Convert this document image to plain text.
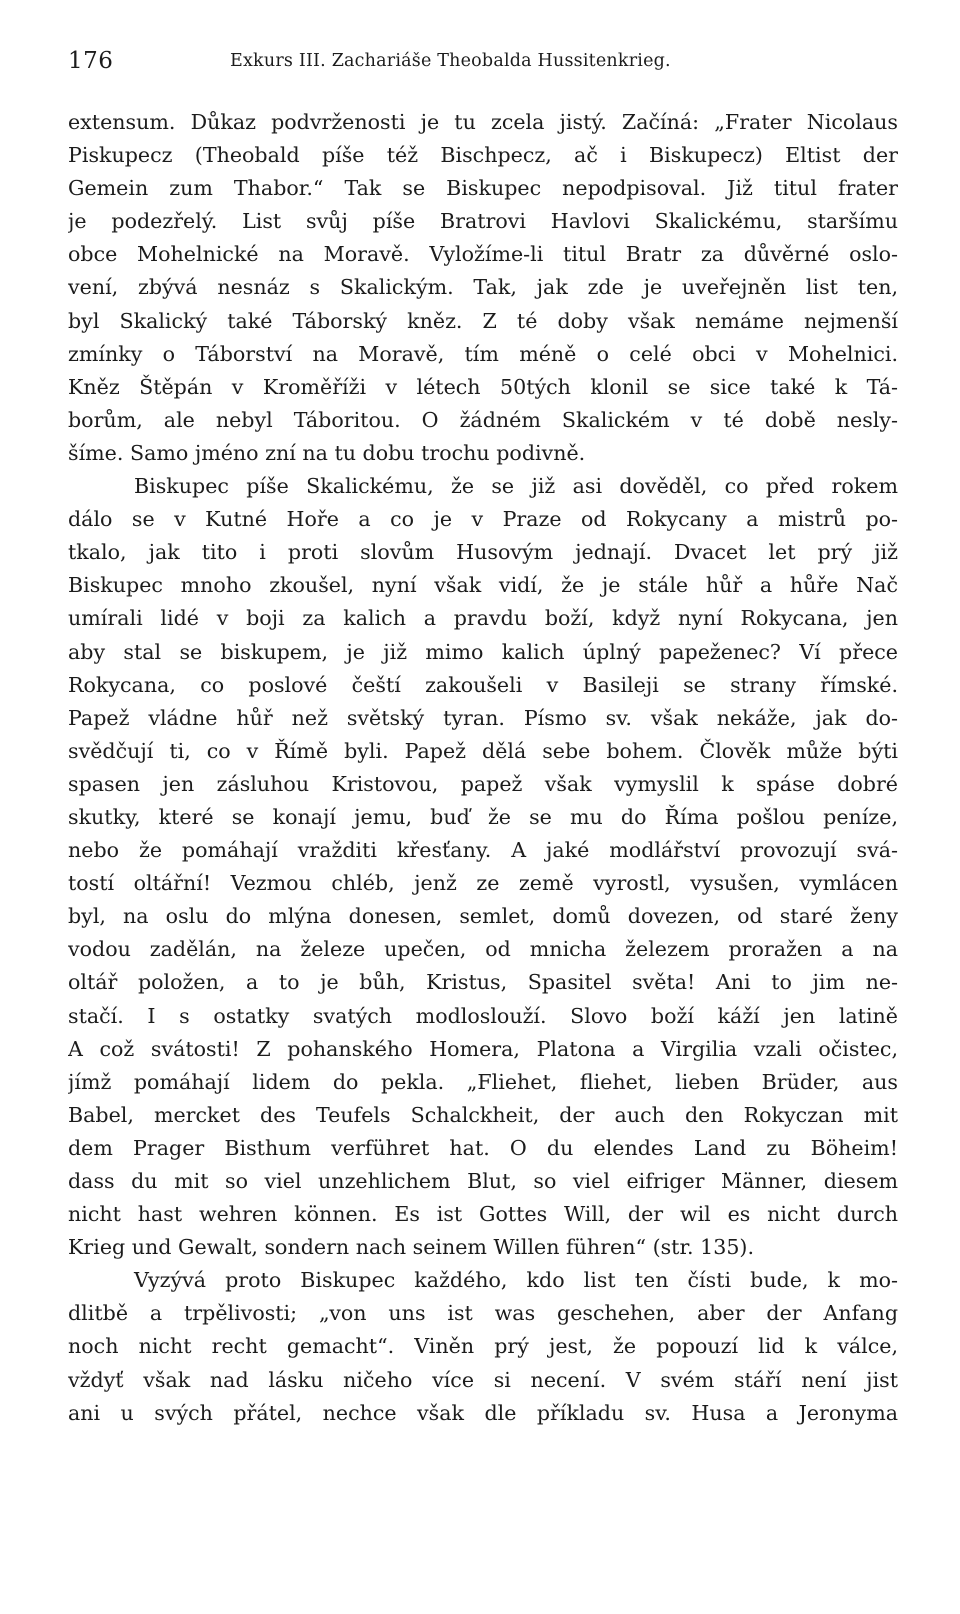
176	Exkurs III. Zachariáše Theobalda Hussitenkrieg.
extensum. Důkaz podvrženosti je tu zcela jistý. Začíná: „Frater Nicolaus
Piskupecz (Theobald píše též Bischpecz, ač i Biskupecz) Eltist der
Gemein zum Thabor.“ Tak se Biskupec nepodpisoval. Již titul frater
je podezřelý. List svůj píše Bratrovi Havlovi Skalickému, staršímu
obce Mohelnické na Moravě. Vyložíme-li titul Bratr za důvěrné oslo-
vení, zbývá nesnáz s Skalickým. Tak, jak zde je uveřejněn list ten,
byl Skalický také Táborský kněz. Z té doby však nemáme nejmenší
zmínky o Táborství na Moravě, tím méně o celé obci v Mohelnici.
Kněz Štěpán v Kroměříži v létech 50tých klonil se sice také k Tá-
borům, ale nebyl Táboritou. O žádném Skalickém v té době nesly-
šíme. Samo jméno zní na tu dobu trochu podivně.
Biskupec píše Skalickému, že se již asi dověděl, co před rokem
dálo se v Kutné Hoře a co je v Praze od Rokycany a mistrů po-
tkalo, jak tito i proti slovům Husovým jednají. Dvacet let prý již
Biskupec mnoho zkoušel, nyní však vidí, že je stále hůř a hůře Nač
umírali lidé v boji za kalich a pravdu boží, když nyní Rokycana, jen
aby stal se biskupem, je již mimo kalich úplný papeženec? Ví přece
Rokycana, co poslové čeští zakoušeli v Basileji se strany římské.
Papež vládne hůř než světský tyran. Písmo sv. však nekáže, jak do-
svědčují ti, co v Římě byli. Papež dělá sebe bohem. Člověk může býti
spasen jen zásluhou Kristovou, papež však vymyslil k spáse dobré
skutky, které se konají jemu, buď že se mu do Říma pošlou peníze,
nebo že pomáhají vražditi křesťany. A jaké modlářství provozují svá-
tostí oltářní! Vezmou chléb, jenž ze země vyrostl, vysušen, vymlácen
byl, na oslu do mlýna donesen, semlet, domů dovezen, od staré ženy
vodou zadělán, na železe upečen, od mnicha železem proražen a na
oltář položen, a to je bůh, Kristus, Spasitel světa! Ani to jim ne-
stačí. I s ostatky svatých modloslouží. Slovo boží káží jen latině
A což svátosti! Z pohanského Homera, Platona a Virgilia vzali očistec,
jímž pomáhají lidem do pekla. „Fliehet, fliehet, lieben Brüder, aus
Babel, mercket des Teufels Schalckheit, der auch den Rokyczan mit
dem Prager Bisthum verführet hat. O du elendes Land zu Böheim!
dass du mit so viel unzehlichem Blut, so viel eifriger Männer, diesem
nicht hast wehren können. Es ist Gottes Will, der wil es nicht durch
Krieg und Gewalt, sondern nach seinem Willen führen“ (str. 135).
Vyzývá proto Biskupec každého, kdo list ten čísti bude, k mo-
dlitbě a trpělivosti; „von uns ist was geschehen, aber der Anfang
noch nicht recht gemacht“. Viněn prý jest, že popouzí lid k válce,
vždyť však nad lásku ničeho více si necení. V svém stáří není jist
ani u svých přátel, nechce však dle příkladu sv. Husa a Jeronyma
